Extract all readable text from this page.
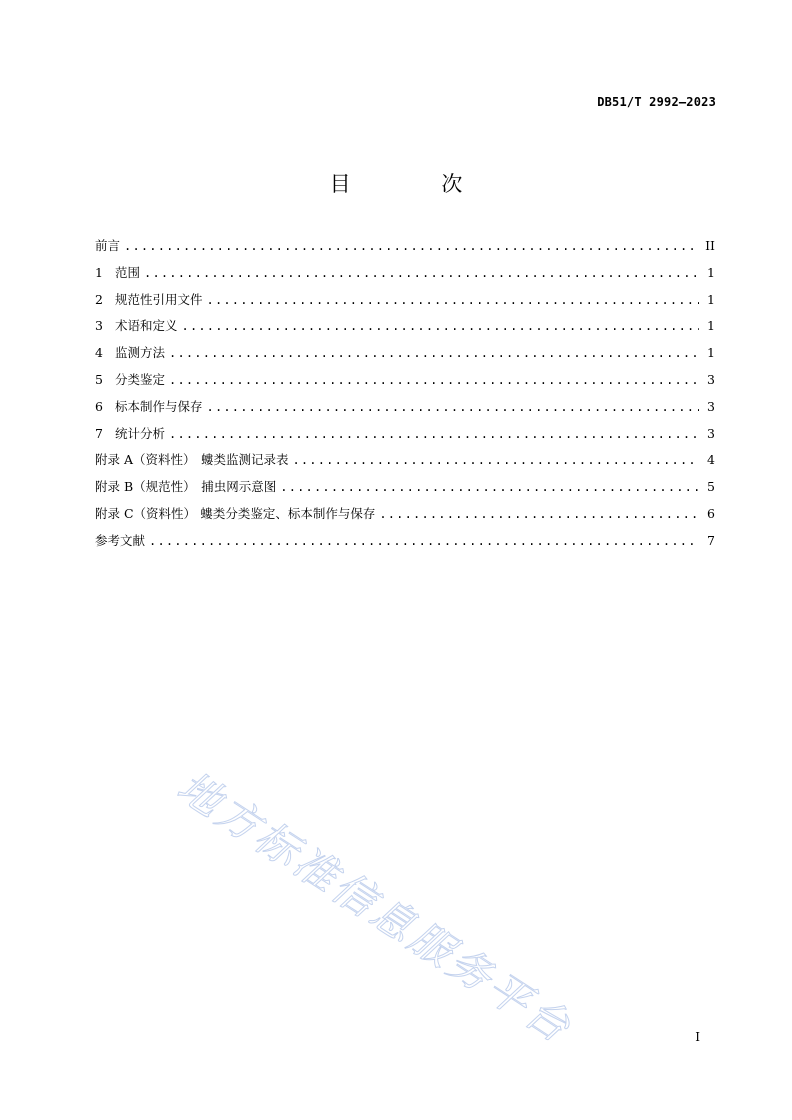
DB51/T 2992—2023
目 次
前言 .....	II
1 范围 .....	1
2 规范性引用文件 .....	1
3 术语和定义 .....	1
4 监测方法 .....	1
5 分类鉴定 .....	3
6 标本制作与保存 .....	3
7 统计分析 .....	3
附录 A（资料性） 螻类监测记录表 .....	4
附录 B（规范性） 捕虫网示意图 .....	5
附录 C（资料性） 螻类分类鉴定、标本制作与保存 .....	6
参考文献 .....	7
地方标准信息服务平台	I
